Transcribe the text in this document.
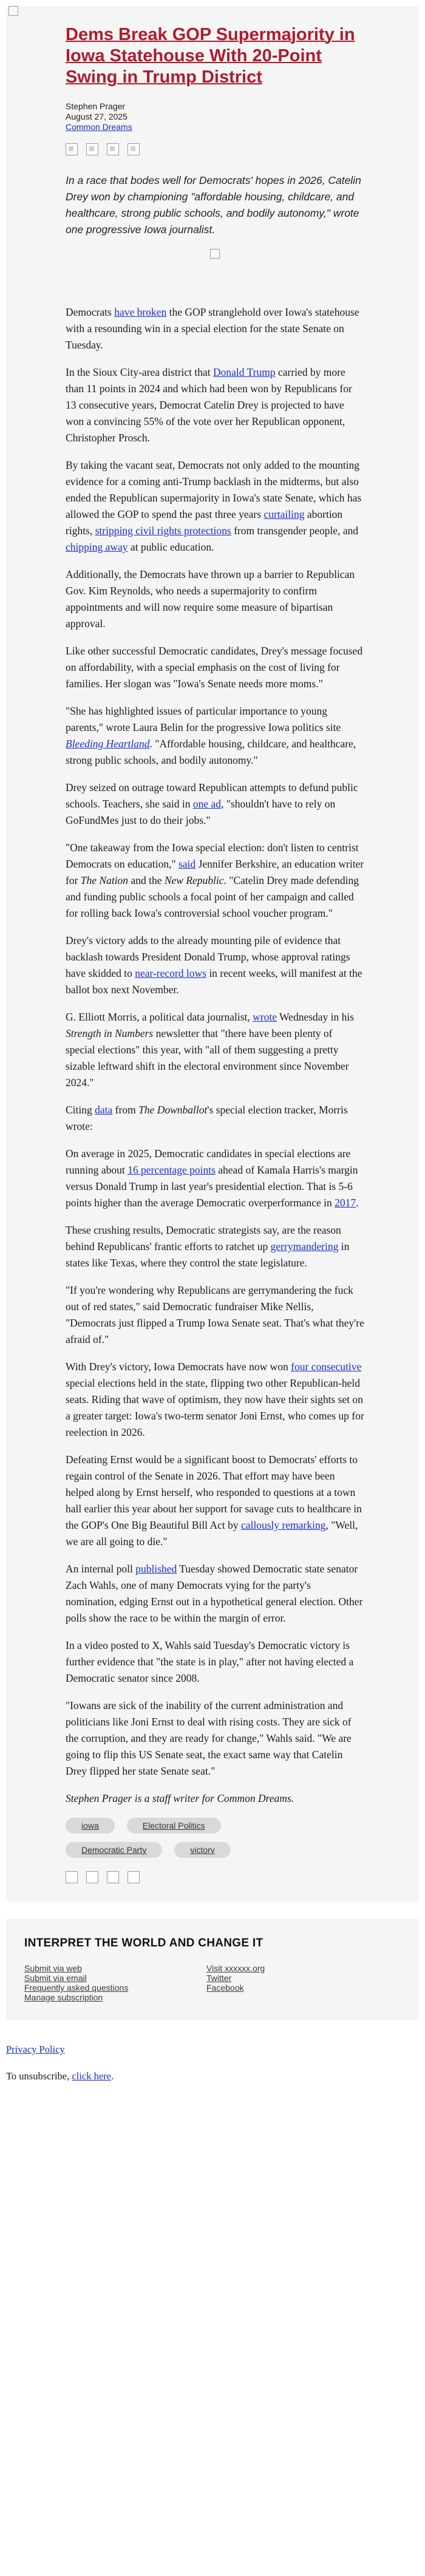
Dems Break GOP Supermajority in Iowa Statehouse With 20-Point Swing in Trump District
Stephen Prager
August 27, 2025
Common Dreams
In a race that bodes well for Democrats' hopes in 2026, Catelin Drey won by championing "affordable housing, childcare, and healthcare, strong public schools, and bodily autonomy," wrote one progressive Iowa journalist.

Democrats have broken the GOP stranglehold over Iowa's statehouse with a resounding win in a special election for the state Senate on Tuesday.

In the Sioux City-area district that Donald Trump carried by more than 11 points in 2024 and which had been won by Republicans for 13 consecutive years, Democrat Catelin Drey is projected to have won a convincing 55% of the vote over her Republican opponent, Christopher Prosch.

By taking the vacant seat, Democrats not only added to the mounting evidence for a coming anti-Trump backlash in the midterms, but also ended the Republican supermajority in Iowa's state Senate, which has allowed the GOP to spend the past three years curtailing abortion rights, stripping civil rights protections from transgender people, and chipping away at public education.

Additionally, the Democrats have thrown up a barrier to Republican Gov. Kim Reynolds, who needs a supermajority to confirm appointments and will now require some measure of bipartisan approval.

Like other successful Democratic candidates, Drey's message focused on affordability, with a special emphasis on the cost of living for families. Her slogan was "Iowa's Senate needs more moms."

"She has highlighted issues of particular importance to young parents," wrote Laura Belin for the progressive Iowa politics site Bleeding Heartland. "Affordable housing, childcare, and healthcare, strong public schools, and bodily autonomy."

Drey seized on outrage toward Republican attempts to defund public schools. Teachers, she said in one ad, "shouldn't have to rely on GoFundMes just to do their jobs."

"One takeaway from the Iowa special election: don't listen to centrist Democrats on education," said Jennifer Berkshire, an education writer for The Nation and the New Republic. "Catelin Drey made defending and funding public schools a focal point of her campaign and called for rolling back Iowa's controversial school voucher program."

Drey's victory adds to the already mounting pile of evidence that backlash towards President Donald Trump, whose approval ratings have skidded to near-record lows in recent weeks, will manifest at the ballot box next November.

G. Elliott Morris, a political data journalist, wrote Wednesday in his Strength in Numbers newsletter that "there have been plenty of special elections" this year, with "all of them suggesting a pretty sizable leftward shift in the electoral environment since November 2024."

Citing data from The Downballot's special election tracker, Morris wrote:

On average in 2025, Democratic candidates in special elections are running about 16 percentage points ahead of Kamala Harris's margin versus Donald Trump in last year's presidential election. That is 5-6 points higher than the average Democratic overperformance in 2017.

These crushing results, Democratic strategists say, are the reason behind Republicans' frantic efforts to ratchet up gerrymandering in states like Texas, where they control the state legislature.

"If you're wondering why Republicans are gerrymandering the fuck out of red states," said Democratic fundraiser Mike Nellis, "Democrats just flipped a Trump Iowa Senate seat. That's what they're afraid of."

With Drey's victory, Iowa Democrats have now won four consecutive special elections held in the state, flipping two other Republican-held seats. Riding that wave of optimism, they now have their sights set on a greater target: Iowa's two-term senator Joni Ernst, who comes up for reelection in 2026.

Defeating Ernst would be a significant boost to Democrats' efforts to regain control of the Senate in 2026. That effort may have been helped along by Ernst herself, who responded to questions at a town hall earlier this year about her support for savage cuts to healthcare in the GOP's One Big Beautiful Bill Act by callously remarking, "Well, we are all going to die."

An internal poll published Tuesday showed Democratic state senator Zach Wahls, one of many Democrats vying for the party's nomination, edging Ernst out in a hypothetical general election. Other polls show the race to be within the margin of error.

In a video posted to X, Wahls said Tuesday's Democratic victory is further evidence that "the state is in play," after not having elected a Democratic senator since 2008.

"Iowans are sick of the inability of the current administration and politicians like Joni Ernst to deal with rising costs. They are sick of the corruption, and they are ready for change," Wahls said. "We are going to flip this US Senate seat, the exact same way that Catelin Drey flipped her state Senate seat."

Stephen Prager is a staff writer for Common Dreams.

iowa	Electoral Politics
Democratic Party	victory
INTERPRET THE WORLD AND CHANGE IT
Submit via web
Submit via email
Frequently asked questions
Manage subscription
Visit xxxxxx.org
Twitter
Facebook

Privacy Policy

To unsubscribe, click here.
